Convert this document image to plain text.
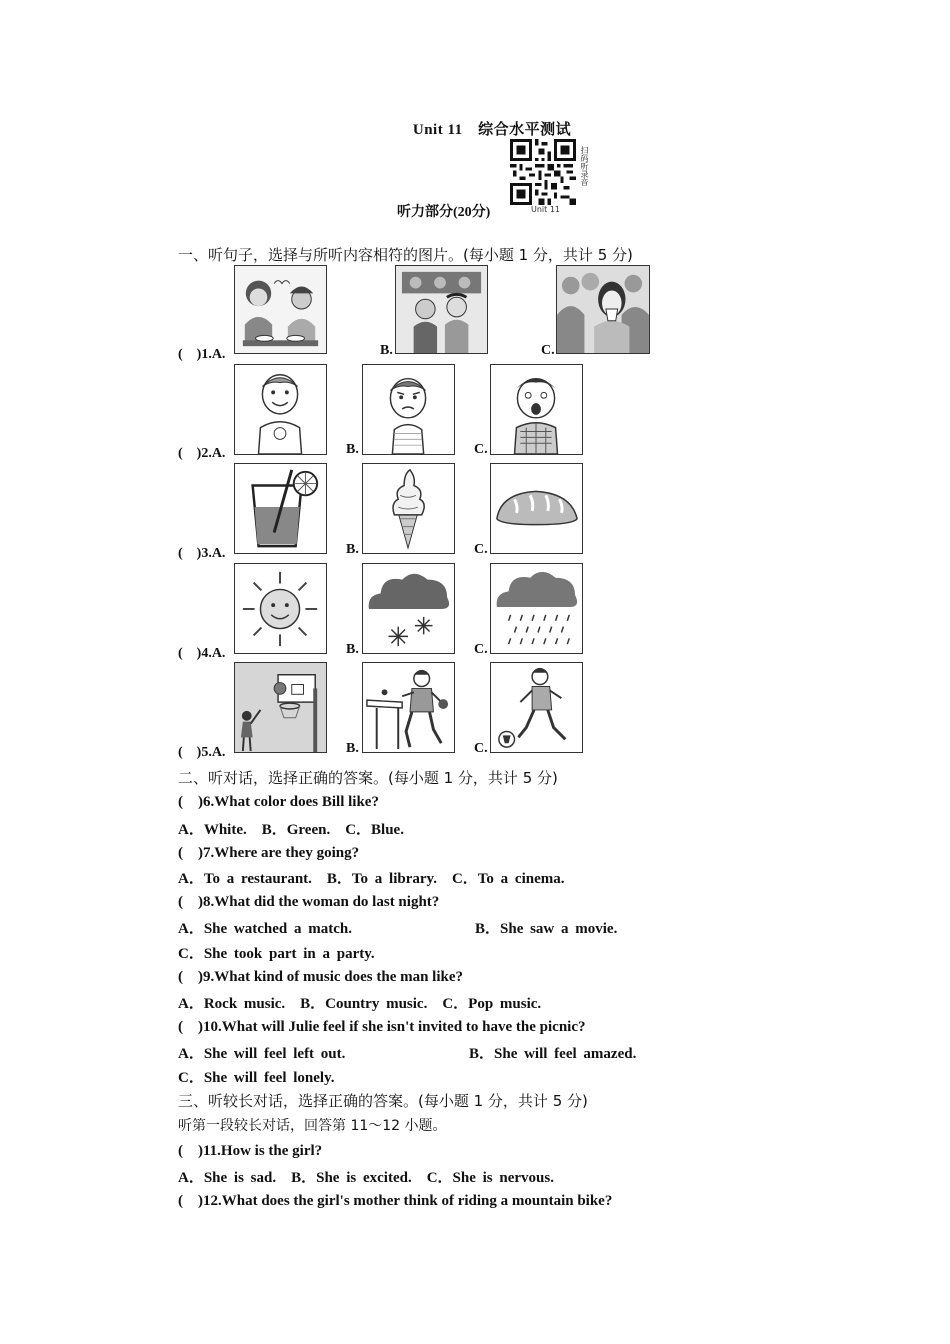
Unit 11　综合水平测试
扫码听录音
Unit 11
听力部分(20分)
一、听句子，选择与所听内容相符的图片。(每小题 1 分，共计 5 分)
(　)1.A.	B.	C.
(　)2.A.	B.	C.
(　)3.A.	B.	C.
(　)4.A.	B.	C.
(　)5.A.	B.	C.
二、听对话，选择正确的答案。(每小题 1 分，共计 5 分)
(　)6.What color does Bill like?
A．White.　B．Green.　C．Blue.
(　)7.Where are they going?
A．To a restaurant.　B．To a library.　C．To a cinema.
(　)8.What did the woman do last night?
A．She watched a match.	B．She saw a movie.
C．She took part in a party.
(　)9.What kind of music does the man like?
A．Rock music.　B．Country music.　C．Pop music.
(　)10.What will Julie feel if she isn't invited to have the picnic?
A．She will feel left out.	B．She will feel amazed.
C．She will feel lonely.
三、听较长对话，选择正确的答案。(每小题 1 分，共计 5 分)
听第一段较长对话，回答第 11～12 小题。
(　)11.How is the girl?
A．She is sad.　B．She is excited.　C．She is nervous.
(　)12.What does the girl's mother think of riding a mountain bike?
